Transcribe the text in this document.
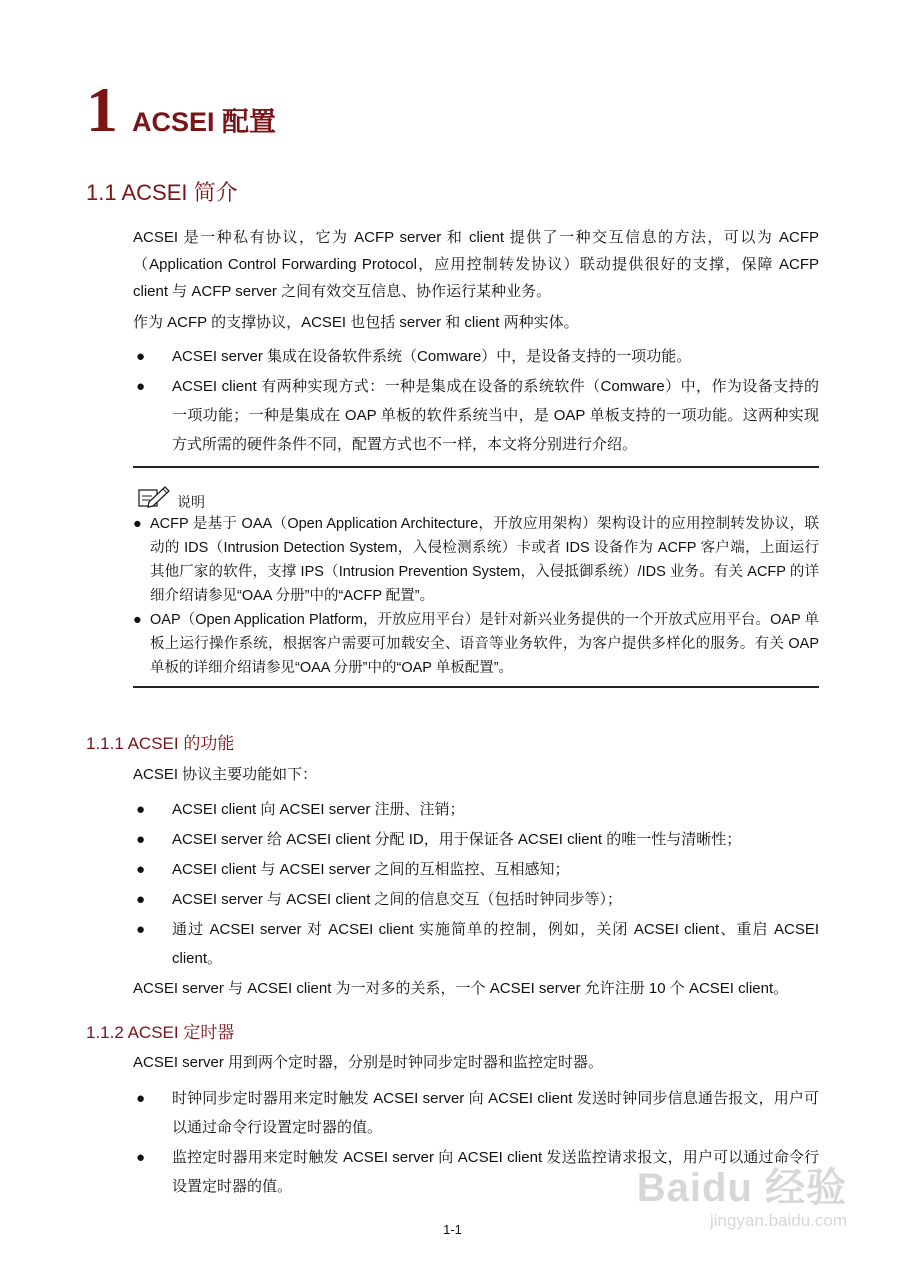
1 ACSEI 配置
1.1 ACSEI 简介
ACSEI 是一种私有协议，它为 ACFP server 和 client 提供了一种交互信息的方法，可以为 ACFP（Application Control Forwarding Protocol，应用控制转发协议）联动提供很好的支撑，保障 ACFP client 与 ACFP server 之间有效交互信息、协作运行某种业务。
作为 ACFP 的支撑协议，ACSEI 也包括 server 和 client 两种实体。
● ACSEI server 集成在设备软件系统（Comware）中，是设备支持的一项功能。
● ACSEI client 有两种实现方式：一种是集成在设备的系统软件（Comware）中，作为设备支持的一项功能；一种是集成在 OAP 单板的软件系统当中，是 OAP 单板支持的一项功能。这两种实现方式所需的硬件条件不同，配置方式也不一样，本文将分别进行介绍。
说明
● ACFP 是基于 OAA（Open Application Architecture，开放应用架构）架构设计的应用控制转发协议，联动的 IDS（Intrusion Detection System，入侵检测系统）卡或者 IDS 设备作为 ACFP 客户端，上面运行其他厂家的软件，支撑 IPS（Intrusion Prevention System，入侵抵御系统）/IDS 业务。有关 ACFP 的详细介绍请参见“OAA 分册”中的“ACFP 配置”。
● OAP（Open Application Platform，开放应用平台）是针对新兴业务提供的一个开放式应用平台。OAP 单板上运行操作系统，根据客户需要可加载安全、语音等业务软件，为客户提供多样化的服务。有关 OAP 单板的详细介绍请参见“OAA 分册”中的“OAP 单板配置”。
1.1.1 ACSEI 的功能
ACSEI 协议主要功能如下：
● ACSEI client 向 ACSEI server 注册、注销；
● ACSEI server 给 ACSEI client 分配 ID，用于保证各 ACSEI client 的唯一性与清晰性；
● ACSEI client 与 ACSEI server 之间的互相监控、互相感知；
● ACSEI server 与 ACSEI client 之间的信息交互（包括时钟同步等）；
● 通过 ACSEI server 对 ACSEI client 实施简单的控制，例如，关闭 ACSEI client、重启 ACSEI client。
ACSEI server 与 ACSEI client 为一对多的关系，一个 ACSEI server 允许注册 10 个 ACSEI client。
1.1.2 ACSEI 定时器
ACSEI server 用到两个定时器，分别是时钟同步定时器和监控定时器。
● 时钟同步定时器用来定时触发 ACSEI server 向 ACSEI client 发送时钟同步信息通告报文，用户可以通过命令行设置定时器的值。
● 监控定时器用来定时触发 ACSEI server 向 ACSEI client 发送监控请求报文，用户可以通过命令行设置定时器的值。	Baidu 经验
jingyan.baidu.com
1-1
